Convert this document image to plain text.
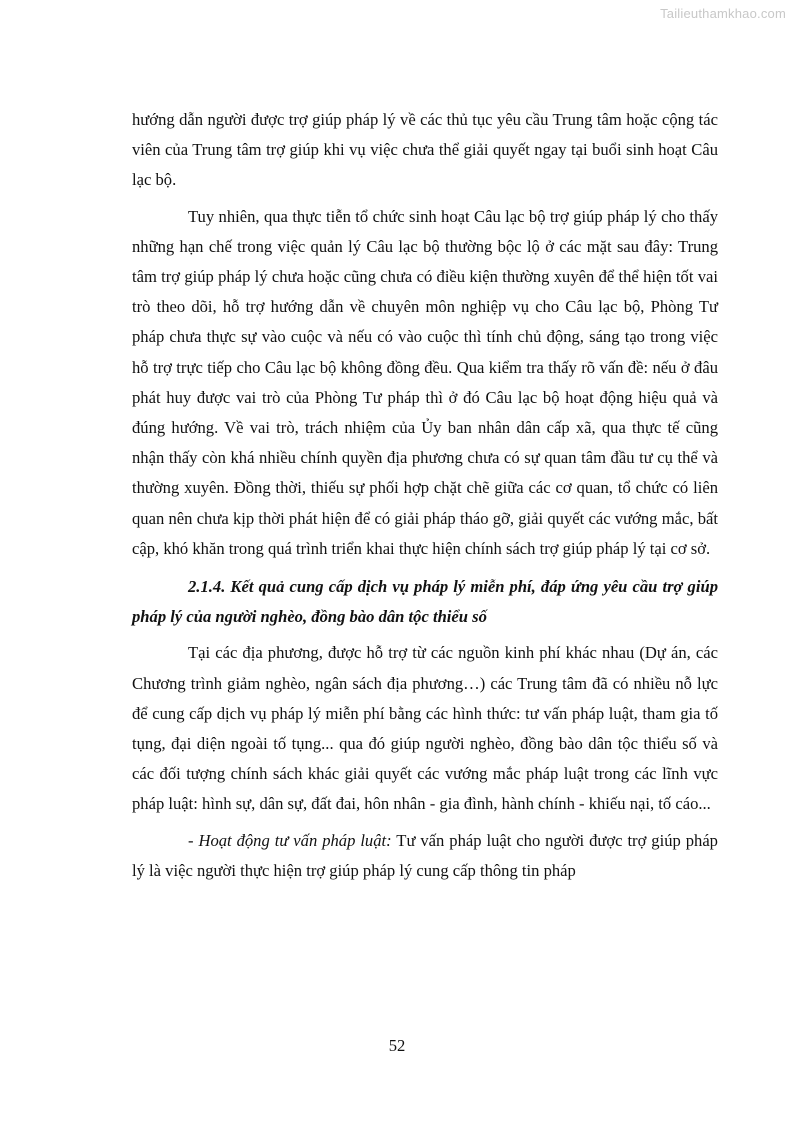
Tailieuthamkhao.com

hướng dẫn người được trợ giúp pháp lý về các thủ tục yêu cầu Trung tâm hoặc cộng tác viên của Trung tâm trợ giúp khi vụ việc chưa thể giải quyết ngay tại buổi sinh hoạt Câu lạc bộ.

Tuy nhiên, qua thực tiễn tổ chức sinh hoạt Câu lạc bộ trợ giúp pháp lý cho thấy những hạn chế trong việc quản lý Câu lạc bộ thường bộc lộ ở các mặt sau đây: Trung tâm trợ giúp pháp lý chưa hoặc cũng chưa có điều kiện thường xuyên để thể hiện tốt vai trò theo dõi, hỗ trợ hướng dẫn về chuyên môn nghiệp vụ cho Câu lạc bộ, Phòng Tư pháp chưa thực sự vào cuộc và nếu có vào cuộc thì tính chủ động, sáng tạo trong việc hỗ trợ trực tiếp cho Câu lạc bộ không đồng đều. Qua kiểm tra thấy rõ vấn đề: nếu ở đâu phát huy được vai trò của Phòng Tư pháp thì ở đó Câu lạc bộ hoạt động hiệu quả và đúng hướng. Về vai trò, trách nhiệm của Ủy ban nhân dân cấp xã, qua thực tế cũng nhận thấy còn khá nhiều chính quyền địa phương chưa có sự quan tâm đầu tư cụ thể và thường xuyên. Đồng thời, thiếu sự phối hợp chặt chẽ giữa các cơ quan, tổ chức có liên quan nên chưa kịp thời phát hiện để có giải pháp tháo gỡ, giải quyết các vướng mắc, bất cập, khó khăn trong quá trình triển khai thực hiện chính sách trợ giúp pháp lý tại cơ sở.

2.1.4. Kết quả cung cấp dịch vụ pháp lý miễn phí, đáp ứng yêu cầu trợ giúp pháp lý của người nghèo, đồng bào dân tộc thiểu số

Tại các địa phương, được hỗ trợ từ các nguồn kinh phí khác nhau (Dự án, các Chương trình giảm nghèo, ngân sách địa phương…) các Trung tâm đã có nhiều nỗ lực để cung cấp dịch vụ pháp lý miễn phí bằng các hình thức: tư vấn pháp luật, tham gia tố tụng, đại diện ngoài tố tụng... qua đó giúp người nghèo, đồng bào dân tộc thiểu số và các đối tượng chính sách khác giải quyết các vướng mắc pháp luật trong các lĩnh vực pháp luật: hình sự, dân sự, đất đai, hôn nhân - gia đình, hành chính - khiếu nại, tố cáo...

- Hoạt động tư vấn pháp luật: Tư vấn pháp luật cho người được trợ giúp pháp lý là việc người thực hiện trợ giúp pháp lý cung cấp thông tin pháp

52
